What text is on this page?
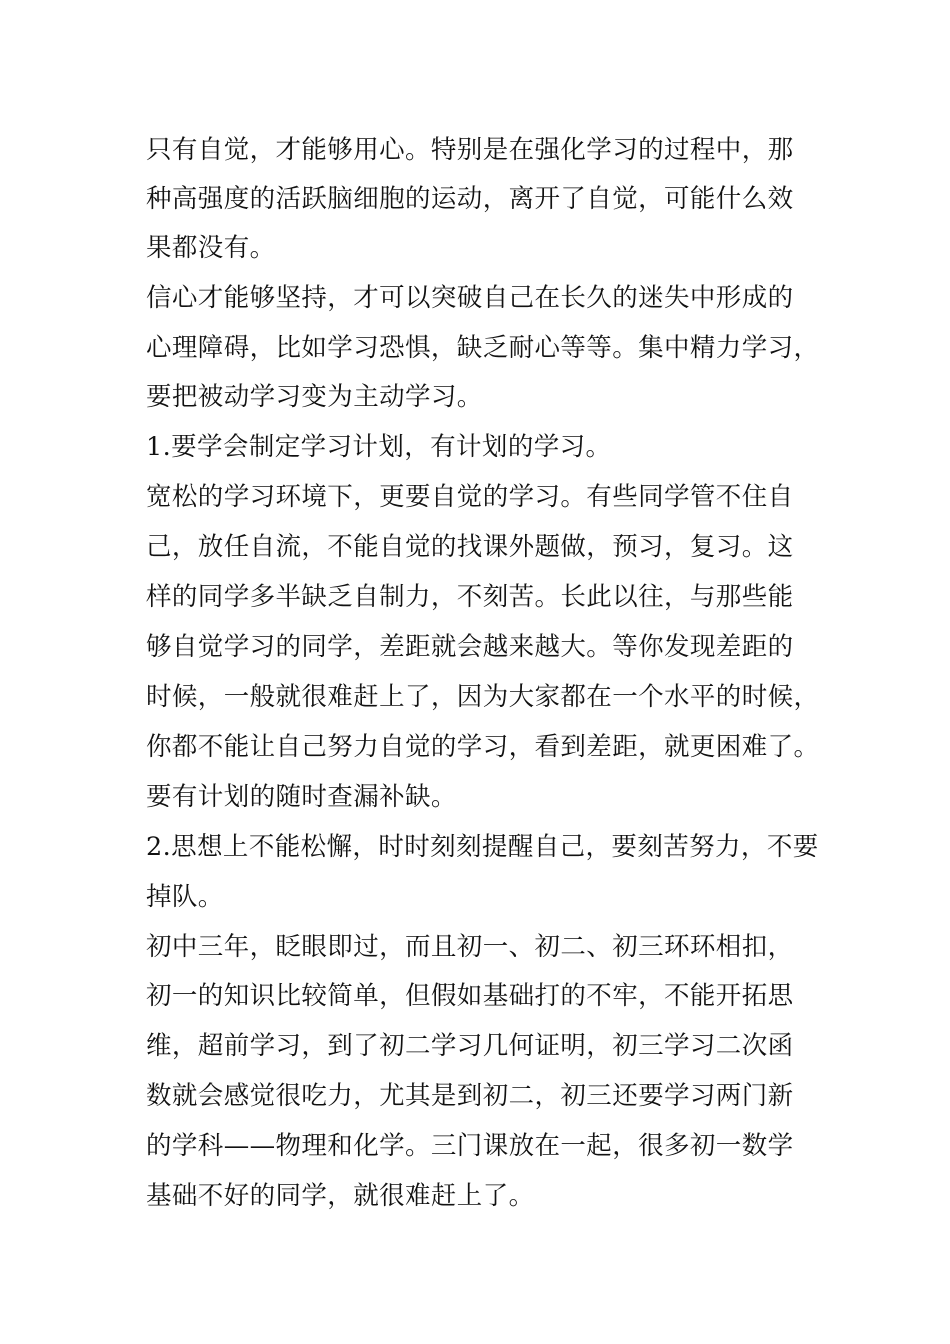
只有自觉，才能够用心。特别是在强化学习的过程中，那
种高强度的活跃脑细胞的运动，离开了自觉，可能什么效
果都没有。
信心才能够坚持，才可以突破自己在长久的迷失中形成的
心理障碍，比如学习恐惧，缺乏耐心等等。集中精力学习，
要把被动学习变为主动学习。
1.要学会制定学习计划，有计划的学习。
宽松的学习环境下，更要自觉的学习。有些同学管不住自
己，放任自流，不能自觉的找课外题做，预习，复习。这
样的同学多半缺乏自制力，不刻苦。长此以往，与那些能
够自觉学习的同学，差距就会越来越大。等你发现差距的
时候，一般就很难赶上了，因为大家都在一个水平的时候，
你都不能让自己努力自觉的学习，看到差距，就更困难了。
要有计划的随时查漏补缺。
2.思想上不能松懈，时时刻刻提醒自己，要刻苦努力，不要
掉队。
初中三年，眨眼即过，而且初一、初二、初三环环相扣，
初一的知识比较简单，但假如基础打的不牢，不能开拓思
维，超前学习，到了初二学习几何证明，初三学习二次函
数就会感觉很吃力，尤其是到初二，初三还要学习两门新
的学科——物理和化学。三门课放在一起，很多初一数学
基础不好的同学，就很难赶上了。
